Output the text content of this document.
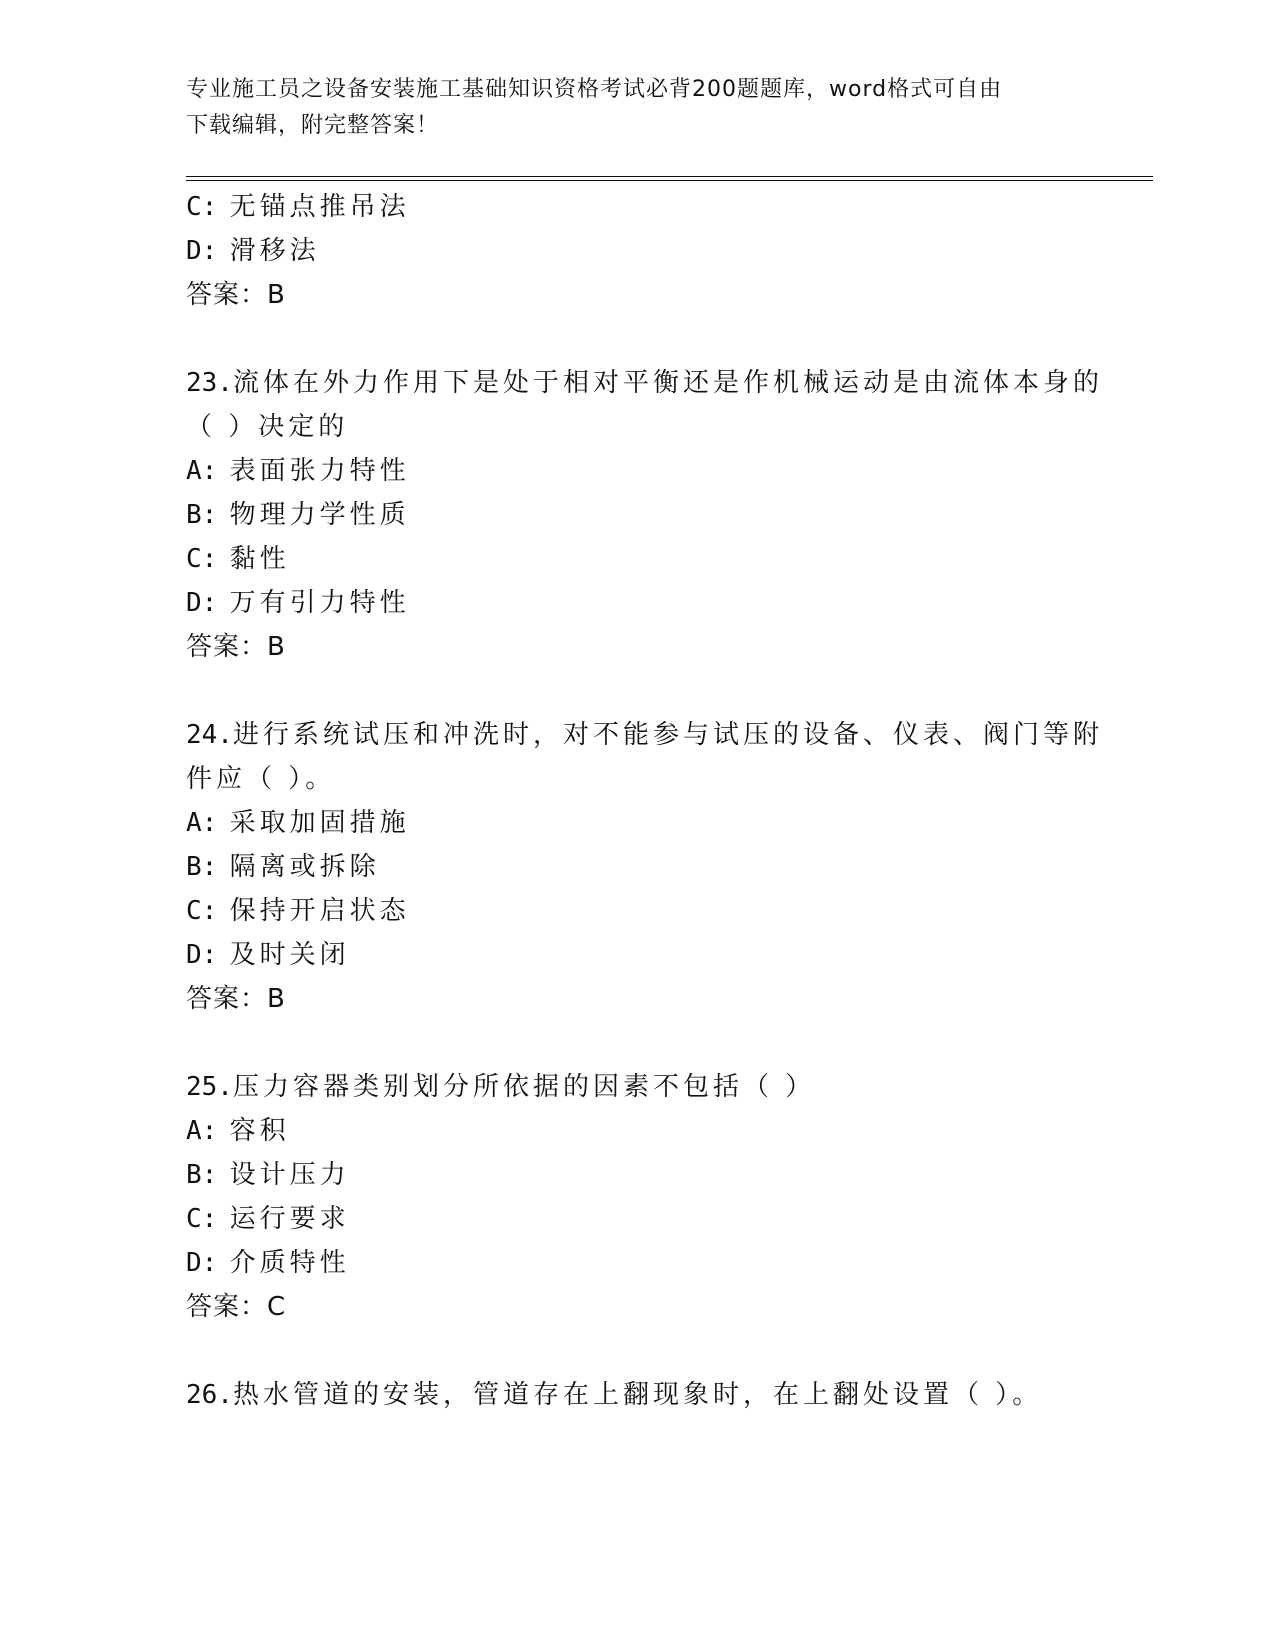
专业施工员之设备安装施工基础知识资格考试必背200题题库，word格式可自由
下载编辑，附完整答案！
C: 无锚点推吊法
D: 滑移法
答案：B
23.流体在外力作用下是处于相对平衡还是作机械运动是由流体本身的
（ ）决定的
A: 表面张力特性
B: 物理力学性质
C: 黏性
D: 万有引力特性
答案：B
24.进行系统试压和冲洗时，对不能参与试压的设备、仪表、阀门等附
件应（ ）。
A: 采取加固措施
B: 隔离或拆除
C: 保持开启状态
D: 及时关闭
答案：B
25.压力容器类别划分所依据的因素不包括（ ）
A: 容积
B: 设计压力
C: 运行要求
D: 介质特性
答案：C
26.热水管道的安装，管道存在上翻现象时，在上翻处设置（ ）。
